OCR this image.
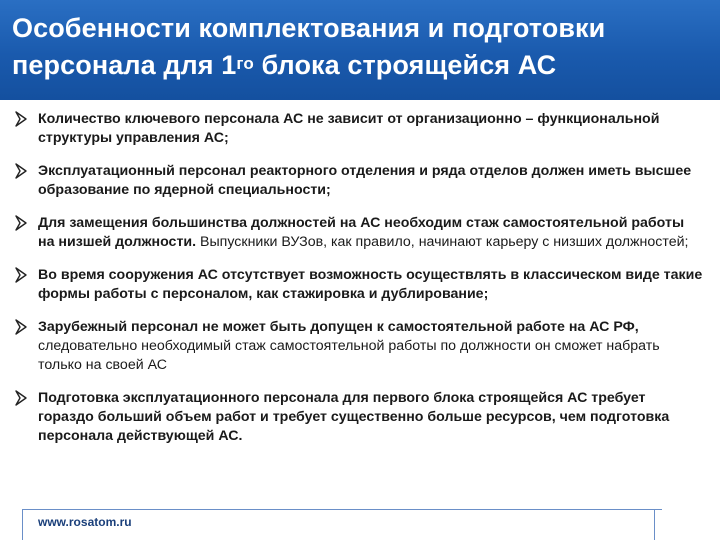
Особенности комплектования и подготовки персонала для $1^{го}$ блока строящейся АС
Количество ключевого персонала АС не зависит от организационно – функциональной структуры управления АС;
Эксплуатационный персонал реакторного отделения и ряда отделов должен иметь высшее образование по ядерной специальности;
Для замещения большинства должностей на АС необходим стаж самостоятельной работы на низшей должности. Выпускники ВУЗов, как правило, начинают карьеру с низших должностей;
Во время сооружения АС отсутствует возможность осуществлять в классическом виде такие формы работы с персоналом, как стажировка и дублирование;
Зарубежный персонал не может быть допущен к самостоятельной работе на АС РФ, следовательно необходимый стаж самостоятельной работы по должности он сможет набрать только на своей АС
Подготовка эксплуатационного персонала для первого блока строящейся АС требует гораздо больший объем работ и требует существенно больше ресурсов, чем подготовка персонала действующей АС.
www.rosatom.ru
